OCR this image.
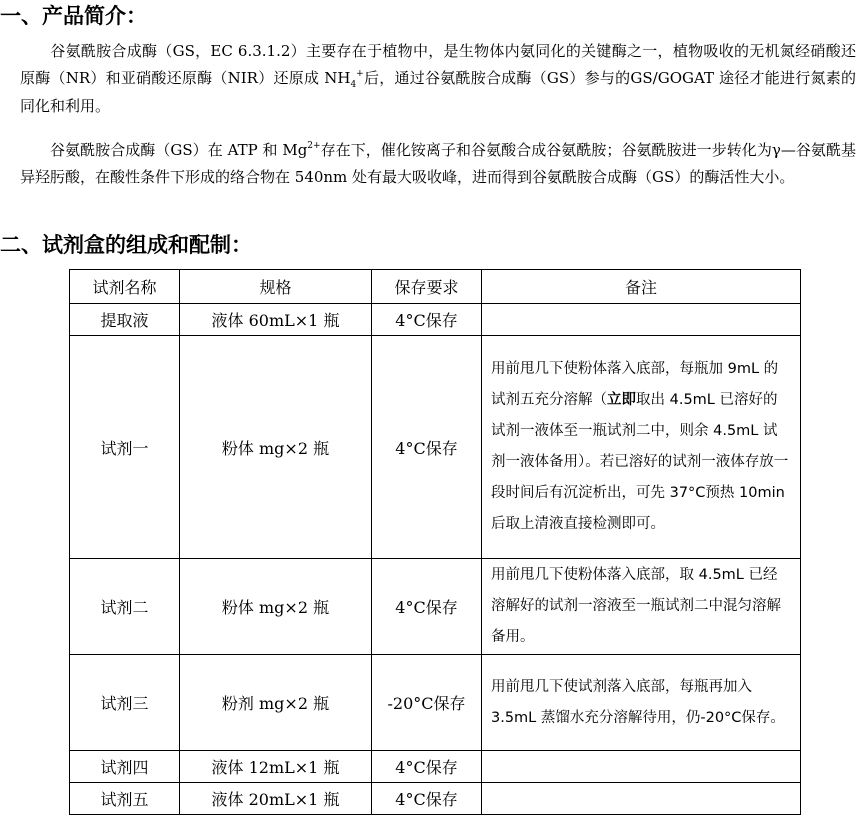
一、产品简介：

谷氨酰胺合成酶（GS，EC 6.3.1.2）主要存在于植物中，是生物体内氨同化的关键酶之一，植物吸收的无机氮经硝酸还原酶（NR）和亚硝酸还原酶（NIR）还原成 $NH_4^+$后，通过谷氨酰胺合成酶（GS）参与的GS/GOGAT 途径才能进行氮素的同化和利用。

谷氨酰胺合成酶（GS）在 ATP 和 $Mg^{2+}$存在下，催化铵离子和谷氨酸合成谷氨酰胺；谷氨酰胺进一步转化为γ—谷氨酰基异羟肟酸，在酸性条件下形成的络合物在 540nm 处有最大吸收峰，进而得到谷氨酰胺合成酶（GS）的酶活性大小。

二、试剂盒的组成和配制：
试剂名称	规格	保存要求	备注
提取液	液体 60mL×1 瓶	4°C保存	
试剂一	粉体 mg×2 瓶	4°C保存	用前甩几下使粉体落入底部，每瓶加 9mL 的试剂五充分溶解（立即取出 4.5mL 已溶好的试剂一液体至一瓶试剂二中，则余 4.5mL 试剂一液体备用）。若已溶好的试剂一液体存放一段时间后有沉淀析出，可先 37°C预热 10min 后取上清液直接检测即可。
试剂二	粉体 mg×2 瓶	4°C保存	用前甩几下使粉体落入底部，取 4.5mL 已经溶解好的试剂一溶液至一瓶试剂二中混匀溶解备用。
试剂三	粉剂 mg×2 瓶	-20°C保存	用前甩几下使试剂落入底部，每瓶再加入 3.5mL 蒸馏水充分溶解待用，仍-20°C保存。
试剂四	液体 12mL×1 瓶	4°C保存	
试剂五	液体 20mL×1 瓶	4°C保存	
